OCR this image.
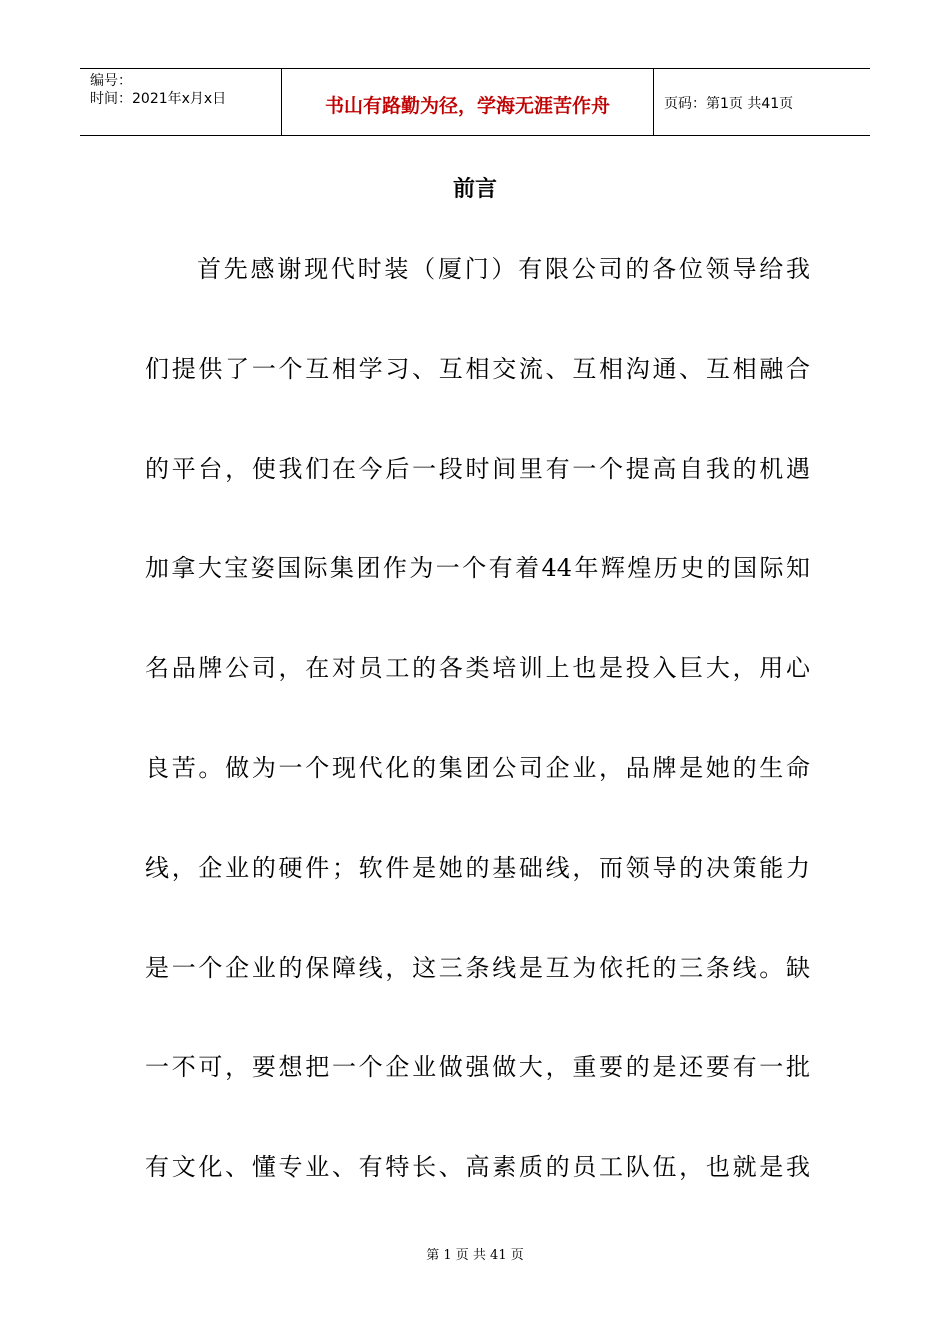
编号：
时间：2021年x月x日	书山有路勤为径，学海无涯苦作舟	页码：第1页 共41页
前言
首先感谢现代时装（厦门）有限公司的各位领导给我
们提供了一个互相学习、互相交流、互相沟通、互相融合
的平台，使我们在今后一段时间里有一个提高自我的机遇
加拿大宝姿国际集团作为一个有着44年辉煌历史的国际知
名品牌公司，在对员工的各类培训上也是投入巨大，用心
良苦。做为一个现代化的集团公司企业，品牌是她的生命
线，企业的硬件；软件是她的基础线，而领导的决策能力
是一个企业的保障线，这三条线是互为依托的三条线。缺
一不可，要想把一个企业做强做大，重要的是还要有一批
有文化、懂专业、有特长、高素质的员工队伍，也就是我
第 1 页 共 41 页
